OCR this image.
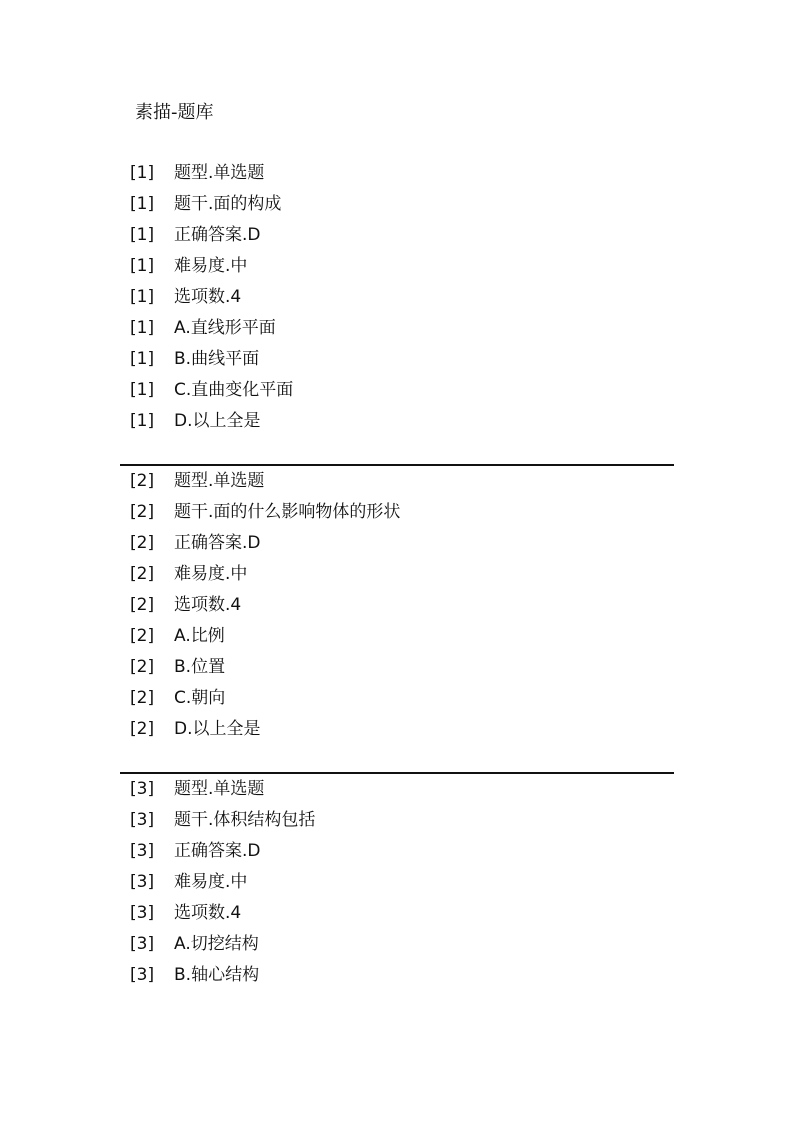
素描-题库
[1] 题型.单选题
[1] 题干.面的构成
[1] 正确答案.D
[1] 难易度.中
[1] 选项数.4
[1] A.直线形平面
[1] B.曲线平面
[1] C.直曲变化平面
[1] D.以上全是
[2] 题型.单选题
[2] 题干.面的什么影响物体的形状
[2] 正确答案.D
[2] 难易度.中
[2] 选项数.4
[2] A.比例
[2] B.位置
[2] C.朝向
[2] D.以上全是
[3] 题型.单选题
[3] 题干.体积结构包括
[3] 正确答案.D
[3] 难易度.中
[3] 选项数.4
[3] A.切挖结构
[3] B.轴心结构
